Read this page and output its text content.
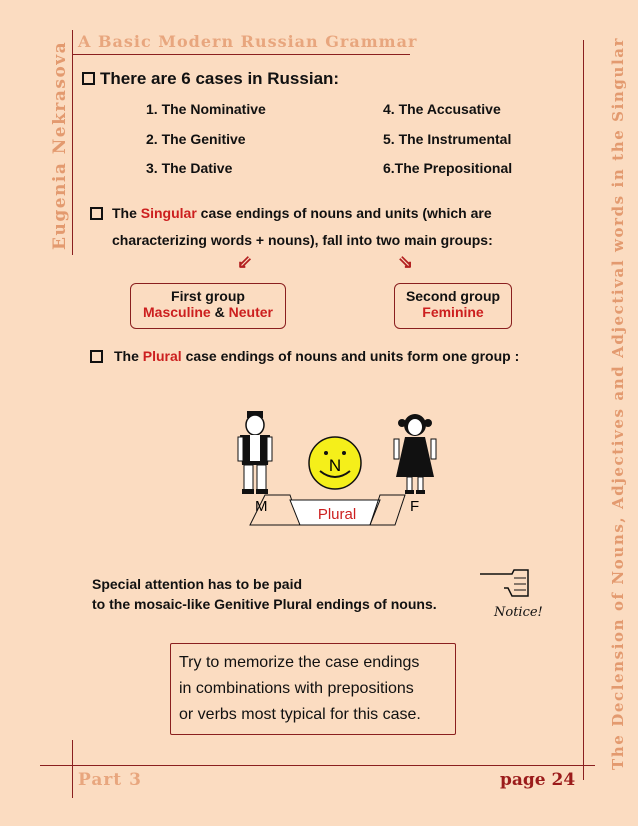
A Basic Modern Russian Grammar
Eugenia Nekrasova	The Declension of Nouns, Adjectives and Adjectival words in the Singular
There are 6 cases in Russian:
1. The Nominative
2. The Genitive
3. The Dative
4. The Accusative
5. The Instrumental
6.The Prepositional
The Singular case endings of nouns and units (which are
characterizing words + nouns), fall into two main groups:
⇙	⇘
First group
Masculine & Neuter
Second group
Feminine
The Plural case endings of nouns and units form one group :
N
M	F
Plural
Special attention has to be paid
to the mosaic-like Genitive Plural endings of nouns.
Notice!
Try to memorize the case endings
in combinations with prepositions
or verbs most typical for this case.
Part 3	page 24
